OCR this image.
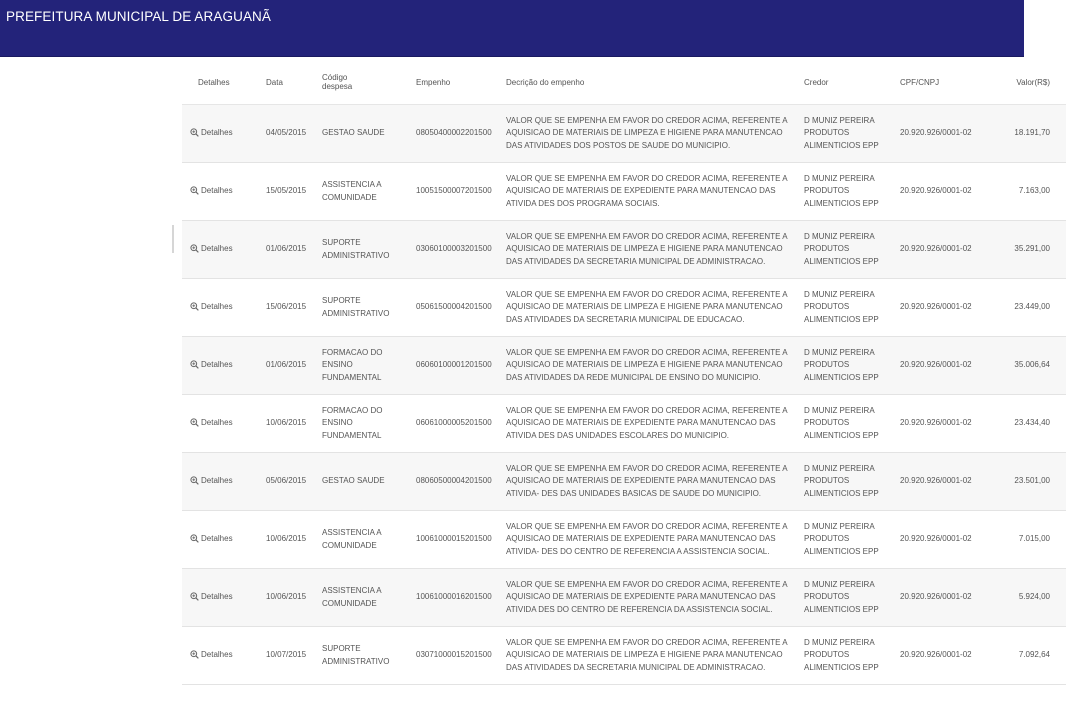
PREFEITURA MUNICIPAL DE ARAGUANÃ
Detalhes	Data	Código despesa	Empenho	Decrição do empenho	Credor	CPF/CNPJ	Valor(R$)
Detalhes	04/05/2015	GESTAO SAUDE	08050400002201500	VALOR QUE SE EMPENHA EM FAVOR DO CREDOR ACIMA, REFERENTE A AQUISICAO DE MATERIAIS DE LIMPEZA E HIGIENE PARA MANUTENCAO DAS ATIVIDADES DOS POSTOS DE SAUDE DO MUNICIPIO.	D MUNIZ PEREIRA PRODUTOS ALIMENTICIOS EPP	20.920.926/0001-02	18.191,70
Detalhes	15/05/2015	ASSISTENCIA A COMUNIDADE	10051500007201500	VALOR QUE SE EMPENHA EM FAVOR DO CREDOR ACIMA, REFERENTE A AQUISICAO DE MATERIAIS DE EXPEDIENTE PARA MANUTENCAO DAS ATIVIDA DES DOS PROGRAMA SOCIAIS.	D MUNIZ PEREIRA PRODUTOS ALIMENTICIOS EPP	20.920.926/0001-02	7.163,00
Detalhes	01/06/2015	SUPORTE ADMINISTRATIVO	03060100003201500	VALOR QUE SE EMPENHA EM FAVOR DO CREDOR ACIMA, REFERENTE A AQUISICAO DE MATERIAIS DE LIMPEZA E HIGIENE PARA MANUTENCAO DAS ATIVIDADES DA SECRETARIA MUNICIPAL DE ADMINISTRACAO.	D MUNIZ PEREIRA PRODUTOS ALIMENTICIOS EPP	20.920.926/0001-02	35.291,00
Detalhes	15/06/2015	SUPORTE ADMINISTRATIVO	05061500004201500	VALOR QUE SE EMPENHA EM FAVOR DO CREDOR ACIMA, REFERENTE A AQUISICAO DE MATERIAIS DE LIMPEZA E HIGIENE PARA MANUTENCAO DAS ATIVIDADES DA SECRETARIA MUNICIPAL DE EDUCACAO.	D MUNIZ PEREIRA PRODUTOS ALIMENTICIOS EPP	20.920.926/0001-02	23.449,00
Detalhes	01/06/2015	FORMACAO DO ENSINO FUNDAMENTAL	06060100001201500	VALOR QUE SE EMPENHA EM FAVOR DO CREDOR ACIMA, REFERENTE A AQUISICAO DE MATERIAIS DE LIMPEZA E HIGIENE PARA MANUTENCAO DAS ATIVIDADES DA REDE MUNICIPAL DE ENSINO DO MUNICIPIO.	D MUNIZ PEREIRA PRODUTOS ALIMENTICIOS EPP	20.920.926/0001-02	35.006,64
Detalhes	10/06/2015	FORMACAO DO ENSINO FUNDAMENTAL	06061000005201500	VALOR QUE SE EMPENHA EM FAVOR DO CREDOR ACIMA, REFERENTE A AQUISICAO DE MATERIAIS DE EXPEDIENTE PARA MANUTENCAO DAS ATIVIDA DES DAS UNIDADES ESCOLARES DO MUNICIPIO.	D MUNIZ PEREIRA PRODUTOS ALIMENTICIOS EPP	20.920.926/0001-02	23.434,40
Detalhes	05/06/2015	GESTAO SAUDE	08060500004201500	VALOR QUE SE EMPENHA EM FAVOR DO CREDOR ACIMA, REFERENTE A AQUISICAO DE MATERIAIS DE EXPEDIENTE PARA MANUTENCAO DAS ATIVIDA- DES DAS UNIDADES BASICAS DE SAUDE DO MUNICIPIO.	D MUNIZ PEREIRA PRODUTOS ALIMENTICIOS EPP	20.920.926/0001-02	23.501,00
Detalhes	10/06/2015	ASSISTENCIA A COMUNIDADE	10061000015201500	VALOR QUE SE EMPENHA EM FAVOR DO CREDOR ACIMA, REFERENTE A AQUISICAO DE MATERIAIS DE EXPEDIENTE PARA MANUTENCAO DAS ATIVIDA- DES DO CENTRO DE REFERENCIA A ASSISTENCIA SOCIAL.	D MUNIZ PEREIRA PRODUTOS ALIMENTICIOS EPP	20.920.926/0001-02	7.015,00
Detalhes	10/06/2015	ASSISTENCIA A COMUNIDADE	10061000016201500	VALOR QUE SE EMPENHA EM FAVOR DO CREDOR ACIMA, REFERENTE A AQUISICAO DE MATERIAIS DE EXPEDIENTE PARA MANUTENCAO DAS ATIVIDA DES DO CENTRO DE REFERENCIA DA ASSISTENCIA SOCIAL.	D MUNIZ PEREIRA PRODUTOS ALIMENTICIOS EPP	20.920.926/0001-02	5.924,00
Detalhes	10/07/2015	SUPORTE ADMINISTRATIVO	03071000015201500	VALOR QUE SE EMPENHA EM FAVOR DO CREDOR ACIMA, REFERENTE A AQUISICAO DE MATERIAIS DE LIMPEZA E HIGIENE PARA MANUTENCAO DAS ATIVIDADES DA SECRETARIA MUNICIPAL DE ADMINISTRACAO.	D MUNIZ PEREIRA PRODUTOS ALIMENTICIOS EPP	20.920.926/0001-02	7.092,64
